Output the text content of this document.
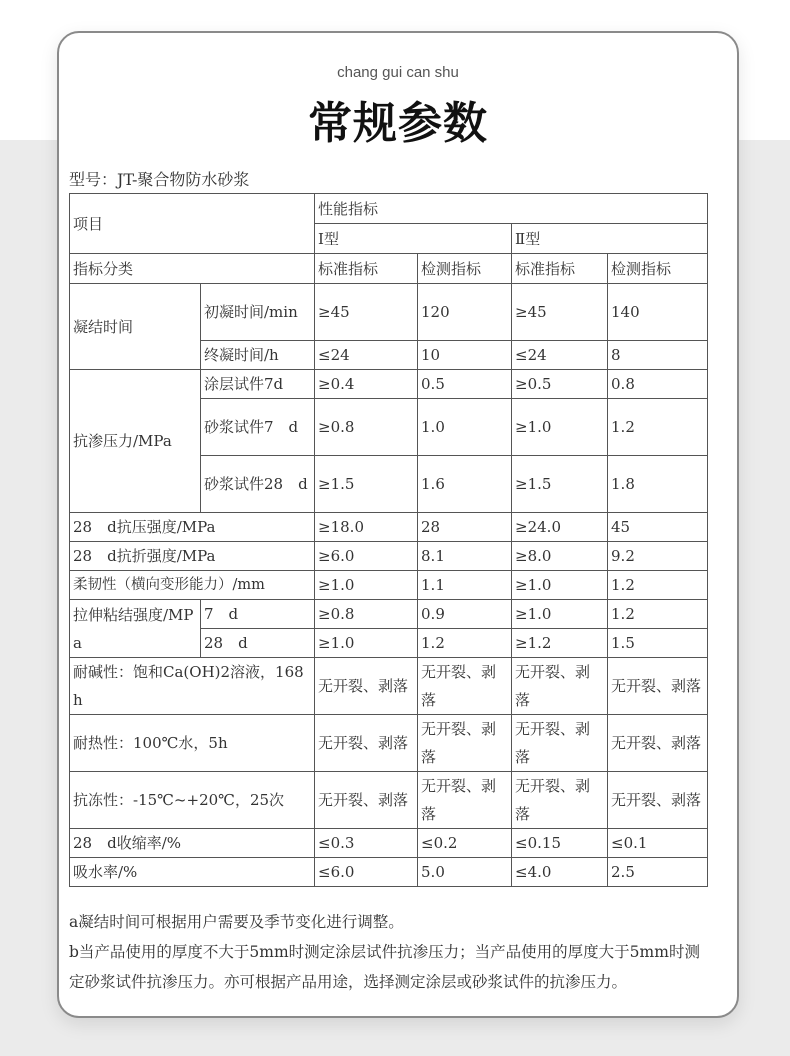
chang gui can shu
常规参数
型号：JT-聚合物防水砂浆
项目		性能指标			
		Ⅰ型		Ⅱ型	
指标分类		标准指标	检测指标	标准指标	检测指标
凝结时间	初凝时间/min	≥45	120	≥45	140
	终凝时间/h	≤24	10	≤24	8
抗渗压力/MPa	涂层试件7d	≥0.4	0.5	≥0.5	0.8
	砂浆试件7　d	≥0.8	1.0	≥1.0	1.2
	砂浆试件28　d	≥1.5	1.6	≥1.5	1.8
28　d抗压强度/MPa		≥18.0	28	≥24.0	45
28　d抗折强度/MPa		≥6.0	8.1	≥8.0	9.2
柔韧性（横向变形能力）/mm		≥1.0	1.1	≥1.0	1.2
拉伸粘结强度/MPa	7　d	≥0.8	0.9	≥1.0	1.2
	28　d	≥1.0	1.2	≥1.2	1.5
耐碱性：饱和Ca(OH)2溶液，168h		无开裂、剥落	无开裂、剥落	无开裂、剥落	无开裂、剥落
耐热性：100℃水，5h		无开裂、剥落	无开裂、剥落	无开裂、剥落	无开裂、剥落
抗冻性：-15℃~+20℃，25次		无开裂、剥落	无开裂、剥落	无开裂、剥落	无开裂、剥落
28　d收缩率/%		≤0.3	≤0.2	≤0.15	≤0.1
吸水率/%		≤6.0	5.0	≤4.0	2.5

a凝结时间可根据用户需要及季节变化进行调整。

b当产品使用的厚度不大于5mm时测定涂层试件抗渗压力；当产品使用的厚度大于5mm时测定砂浆试件抗渗压力。亦可根据产品用途，选择测定涂层或砂浆试件的抗渗压力。
